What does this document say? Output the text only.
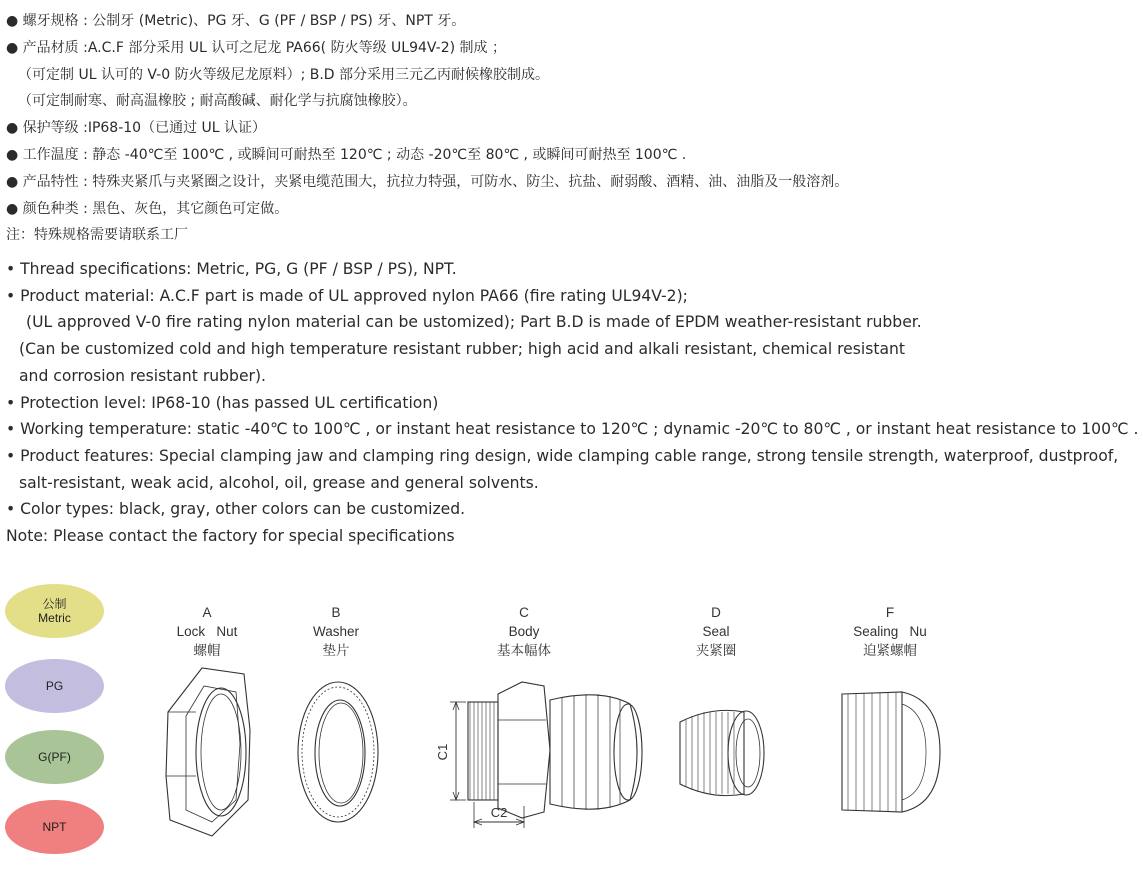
● 螺牙规格 : 公制牙 (Metric)、PG 牙、G (PF / BSP / PS) 牙、NPT 牙。
● 产品材质 :A.C.F 部分采用 UL 认可之尼龙 PA66( 防火等级 UL94V-2) 制成 ；
（可定制 UL 认可的 V-0 防火等级尼龙原料）; B.D 部分采用三元乙丙耐候橡胶制成。
（可定制耐寒、耐高温橡胶 ; 耐高酸碱、耐化学与抗腐蚀橡胶）。
● 保护等级 :IP68-10（已通过 UL 认证）
● 工作温度 : 静态 -40℃至 100℃ , 或瞬间可耐热至 120℃ ; 动态 -20℃至 80℃ , 或瞬间可耐热至 100℃ .
● 产品特性 : 特殊夹紧爪与夹紧圈之设计，夹紧电缆范围大，抗拉力特强，可防水、防尘、抗盐、耐弱酸、酒精、油、油脂及一般溶剂。
● 颜色种类 : 黑色、灰色，其它颜色可定做。
注：特殊规格需要请联系工厂
• Thread specifications: Metric, PG, G (PF / BSP / PS), NPT.
• Product material: A.C.F part is made of UL approved nylon PA66 (fire rating UL94V-2);
(UL approved V-0 fire rating nylon material can be ustomized); Part B.D is made of EPDM weather-resistant rubber.
(Can be customized cold and high temperature resistant rubber; high acid and alkali resistant, chemical resistant
and corrosion resistant rubber).
• Protection level: IP68-10 (has passed UL certification)
• Working temperature: static -40℃ to 100℃ , or instant heat resistance to 120℃ ; dynamic -20℃ to 80℃ , or instant heat resistance to 100℃ .
• Product features: Special clamping jaw and clamping ring design, wide clamping cable range, strong tensile strength, waterproof, dustproof,
salt-resistant, weak acid, alcohol, oil, grease and general solvents.
• Color types: black, gray, other colors can be customized.
Note: Please contact the factory for special specifications
公制
Metric
PG
G(PF)
NPT
A
Lock   Nut
螺帽
B
Washer
垫片
C
Body
基本幅体
D
Seal
夹紧圈
F
Sealing   Nu
迫紧螺帽
C1
C2
